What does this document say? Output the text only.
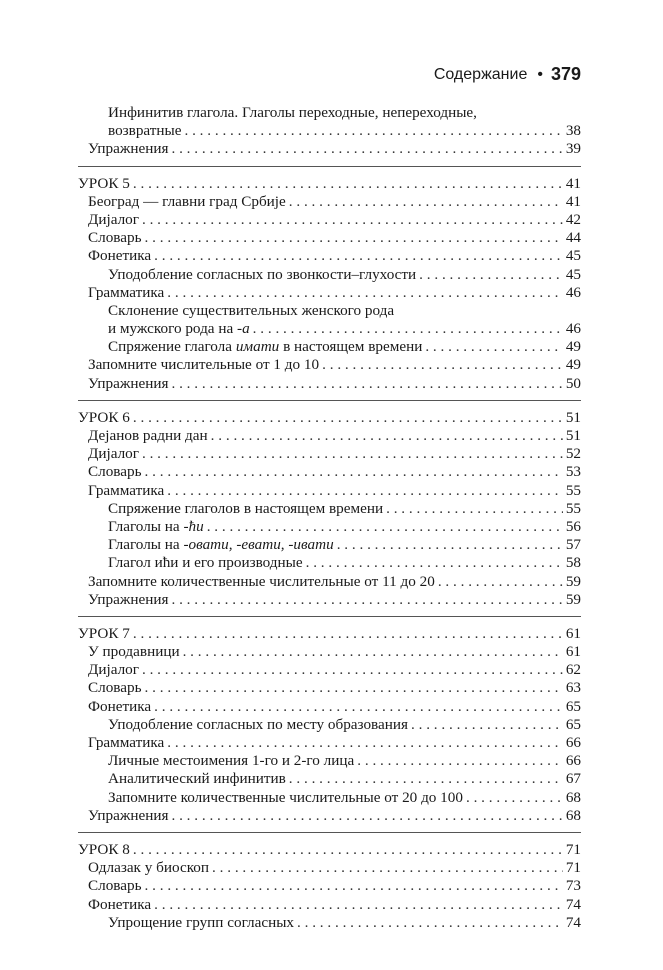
Содержание • 379
Инфинитив глагола. Глаголы переходные, непереходные,
возвратные . . .	38
Упражнения . . .	39
УРОК 5 . . .	41
Београд — главни град Србије . . .	41
Дијалог . . .	42
Словарь . . .	44
Фонетика . . .	45
Уподобление согласных по звонкости–глухости . . .	45
Грамматика . . .	46
Склонение существительных женского рода
и мужского рода на -а . . .	46
Спряжение глагола имати в настоящем времени . . .	49
Запомните числительные от 1 до 10 . . .	49
Упражнения . . .	50
УРОК 6 . . .	51
Дејанов радни дан . . .	51
Дијалог . . .	52
Словарь . . .	53
Грамматика . . .	55
Спряжение глаголов в настоящем времени . . .	55
Глаголы на -ћи . . .	56
Глаголы на -овати, -евати, -ивати . . .	57
Глагол ићи и его производные . . .	58
Запомните количественные числительные от 11 до 20 . . .	59
Упражнения . . .	59
УРОК 7 . . .	61
У продавници . . .	61
Дијалог . . .	62
Словарь . . .	63
Фонетика . . .	65
Уподобление согласных по месту образования . . .	65
Грамматика . . .	66
Личные местоимения 1-го и 2-го лица . . .	66
Аналитический инфинитив . . .	67
Запомните количественные числительные от 20 до 100 . . .	68
Упражнения . . .	68
УРОК 8 . . .	71
Одлазак у биоскоп . . .	71
Словарь . . .	73
Фонетика . . .	74
Упрощение групп согласных . . .	74
